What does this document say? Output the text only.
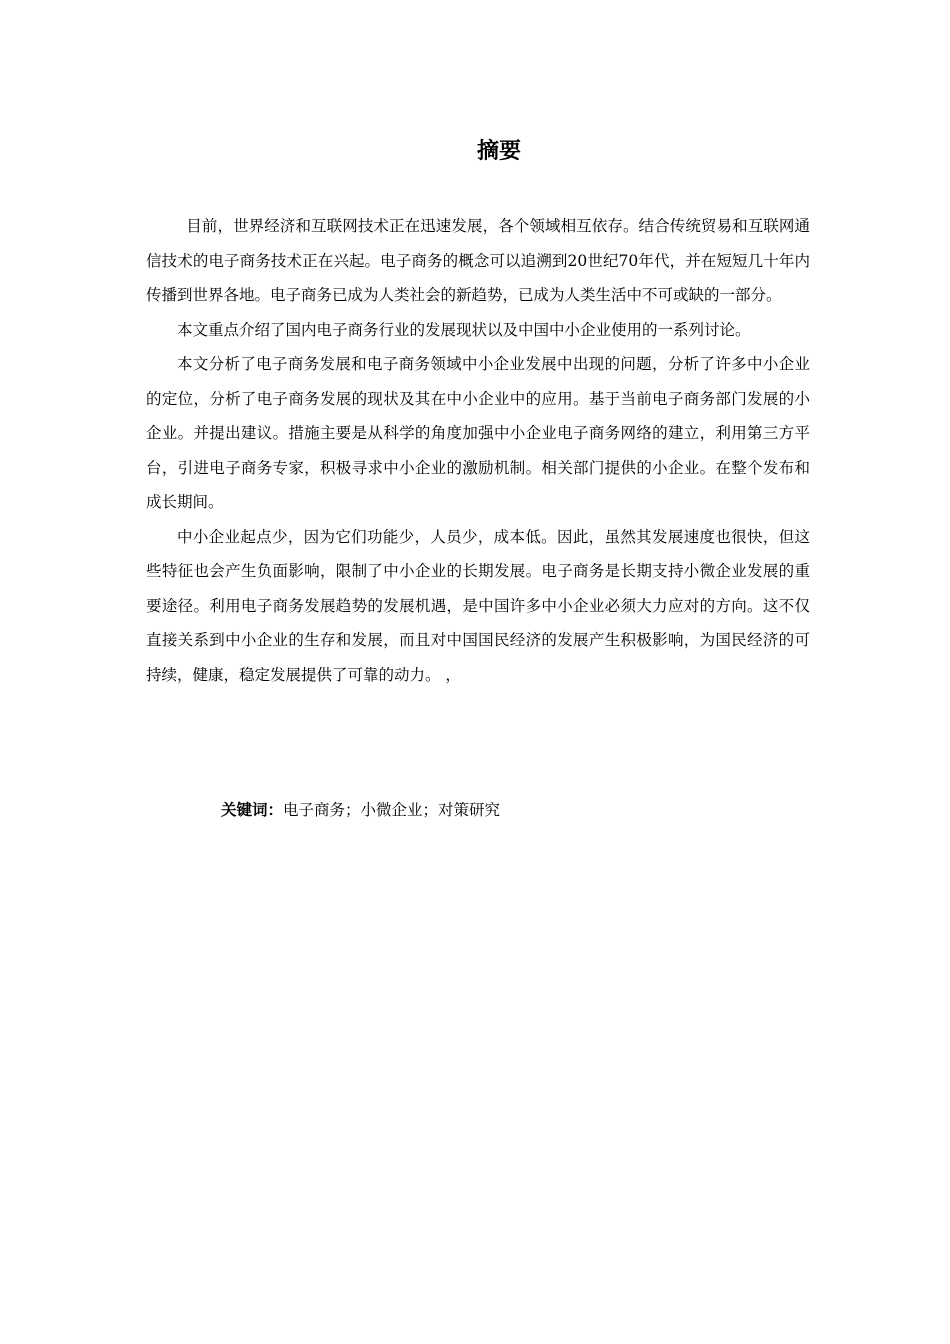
摘要

目前，世界经济和互联网技术正在迅速发展，各个领域相互依存。结合传统贸易和互联网通信技术的电子商务技术正在兴起。电子商务的概念可以追溯到20世纪70年代，并在短短几十年内传播到世界各地。电子商务已成为人类社会的新趋势，已成为人类生活中不可或缺的一部分。

本文重点介绍了国内电子商务行业的发展现状以及中国中小企业使用的一系列讨论。

本文分析了电子商务发展和电子商务领域中小企业发展中出现的问题，分析了许多中小企业的定位，分析了电子商务发展的现状及其在中小企业中的应用。基于当前电子商务部门发展的小企业。并提出建议。措施主要是从科学的角度加强中小企业电子商务网络的建立，利用第三方平台，引进电子商务专家，积极寻求中小企业的激励机制。相关部门提供的小企业。在整个发布和成长期间。

中小企业起点少，因为它们功能少，人员少，成本低。因此，虽然其发展速度也很快，但这些特征也会产生负面影响，限制了中小企业的长期发展。电子商务是长期支持小微企业发展的重要途径。利用电子商务发展趋势的发展机遇，是中国许多中小企业必须大力应对的方向。这不仅直接关系到中小企业的生存和发展，而且对中国国民经济的发展产生积极影响，为国民经济的可持续，健康，稳定发展提供了可靠的动力。 ，

关键词：电子商务；小微企业；对策研究
